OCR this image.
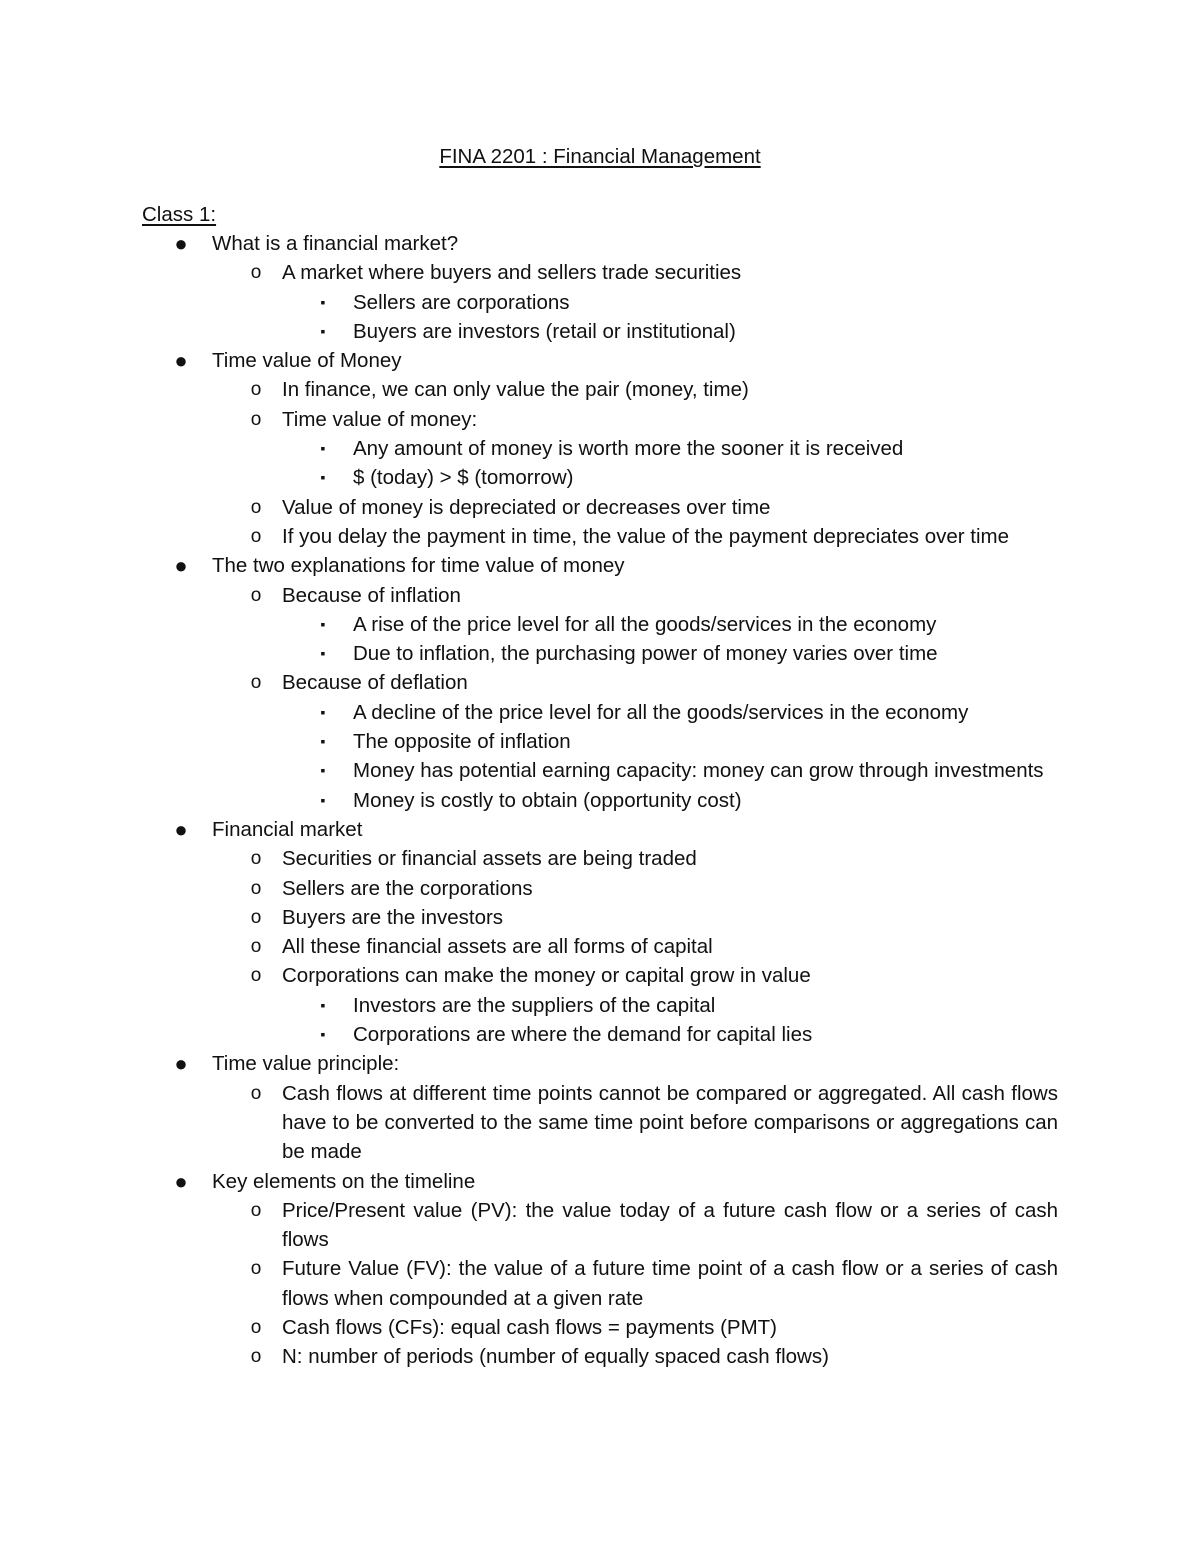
FINA 2201 : Financial Management
Class 1:
● What is a financial market?
o A market where buyers and sellers trade securities
▪	Sellers are corporations
▪	Buyers are investors (retail or institutional)
● Time value of Money
o In finance, we can only value the pair (money, time)
o Time value of money:
▪	Any amount of money is worth more the sooner it is received
▪	$ (today) > $ (tomorrow)
o Value of money is depreciated or decreases over time
o If you delay the payment in time, the value of the payment depreciates over time
● The two explanations for time value of money
o Because of inflation
▪	A rise of the price level for all the goods/services in the economy
▪	Due to inflation, the purchasing power of money varies over time
o Because of deflation
▪	A decline of the price level for all the goods/services in the economy
▪	The opposite of inflation
▪	Money has potential earning capacity: money can grow through investments
▪	Money is costly to obtain (opportunity cost)
● Financial market
o Securities or financial assets are being traded
o Sellers are the corporations
o Buyers are the investors
o All these financial assets are all forms of capital
o Corporations can make the money or capital grow in value
▪	Investors are the suppliers of the capital
▪	Corporations are where the demand for capital lies
● Time value principle:
o Cash flows at different time points cannot be compared or aggregated. All cash flows have to be converted to the same time point before comparisons or aggregations can be made
● Key elements on the timeline
o Price/Present value (PV): the value today of a future cash flow or a series of cash flows
o Future Value (FV): the value of a future time point of a cash flow or a series of cash flows when compounded at a given rate
o Cash flows (CFs): equal cash flows = payments (PMT)
o N: number of periods (number of equally spaced cash flows)
